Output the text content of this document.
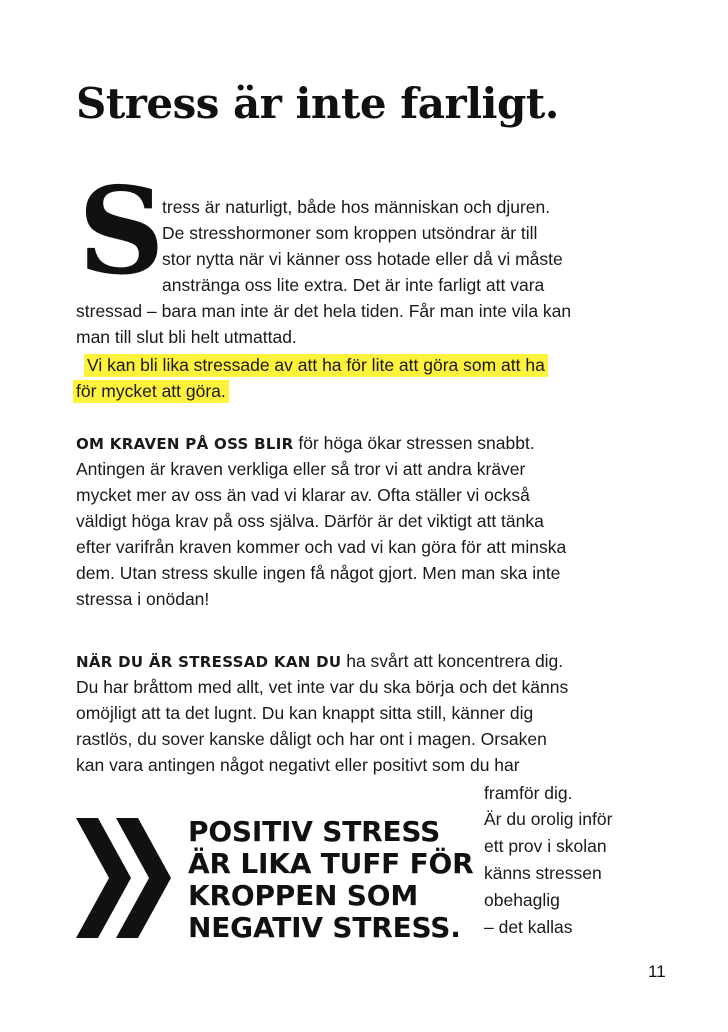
Stress är inte farligt.
S
tress är naturligt, både hos människan och djuren.
De stresshormoner som kroppen utsöndrar är till
stor nytta när vi känner oss hotade eller då vi måste
anstränga oss lite extra. Det är inte farligt att vara
stressad – bara man inte är det hela tiden. Får man inte vila kan
man till slut bli helt utmattad.
Vi kan bli lika stressade av att ha för lite att göra som att ha
för mycket att göra.
OM KRAVEN PÅ OSS BLIR för höga ökar stressen snabbt.
Antingen är kraven verkliga eller så tror vi att andra kräver
mycket mer av oss än vad vi klarar av. Ofta ställer vi också
väldigt höga krav på oss själva. Därför är det viktigt att tänka
efter varifrån kraven kommer och vad vi kan göra för att minska
dem. Utan stress skulle ingen få något gjort. Men man ska inte
stressa i onödan!
NÄR DU ÄR STRESSAD KAN DU ha svårt att koncentrera dig.
Du har bråttom med allt, vet inte var du ska börja och det känns
omöjligt att ta det lugnt. Du kan knappt sitta still, känner dig
rastlös, du sover kanske dåligt och har ont i magen. Orsaken
kan vara antingen något negativt eller positivt som du har
framför dig.
Är du orolig inför
ett prov i skolan
känns stressen
obehaglig
– det kallas
POSITIV STRESS
ÄR LIKA TUFF FÖR
KROPPEN SOM
NEGATIV STRESS.
11
